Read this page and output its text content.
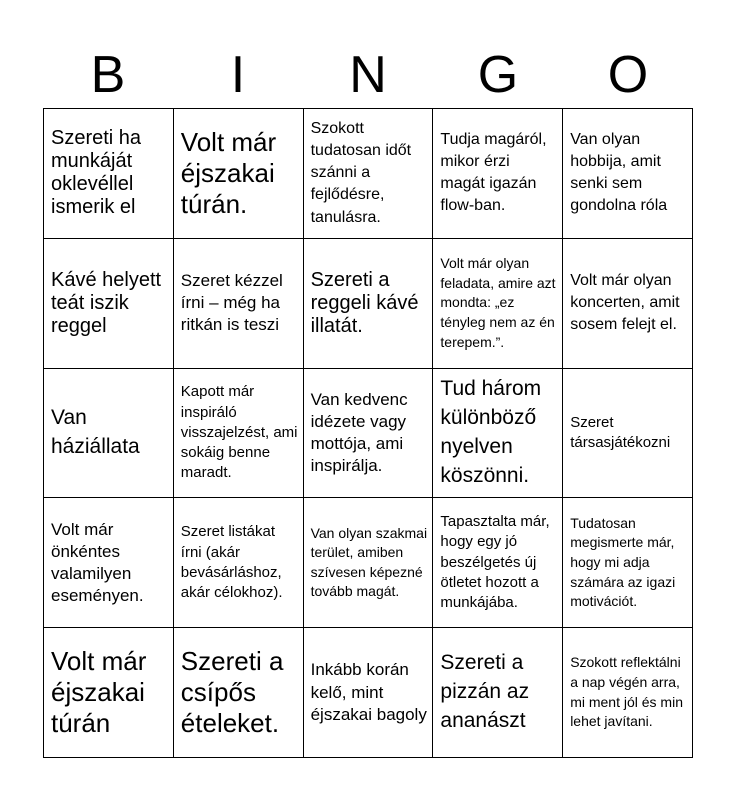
B	I	N	G	O
Szereti ha munkáját oklevéllel ismerik el
Volt már éjszakai túrán.
Szokott tudatosan időt szánni a fejlődésre, tanulásra.
Tudja magáról, mikor érzi magát igazán flow-ban.
Van olyan hobbija, amit senki sem gondolna róla
Kávé helyett teát iszik reggel
Szeret kézzel írni – még ha ritkán is teszi
Szereti a reggeli kávé illatát.
Volt már olyan feladata, amire azt mondta: „ez tényleg nem az én terepem.”.
Volt már olyan koncerten, amit sosem felejt el.
Van háziállata
Kapott már inspiráló visszajelzést, ami sokáig benne maradt.
Van kedvenc idézete vagy mottója, ami inspirálja.
Tud három különböző nyelven köszönni.
Szeret társasjátékozni
Volt már önkéntes valamilyen eseményen.
Szeret listákat írni (akár bevásárláshoz, akár célokhoz).
Van olyan szakmai terület, amiben szívesen képezné tovább magát.
Tapasztalta már, hogy egy jó beszélgetés új ötletet hozott a munkájába.
Tudatosan megismerte már, hogy mi adja számára az igazi motivációt.
Volt már éjszakai túrán
Szereti a csípős ételeket.
Inkább korán kelő, mint éjszakai bagoly
Szereti a pizzán az ananászt
Szokott reflektálni a nap végén arra, mi ment jól és min lehet javítani.
